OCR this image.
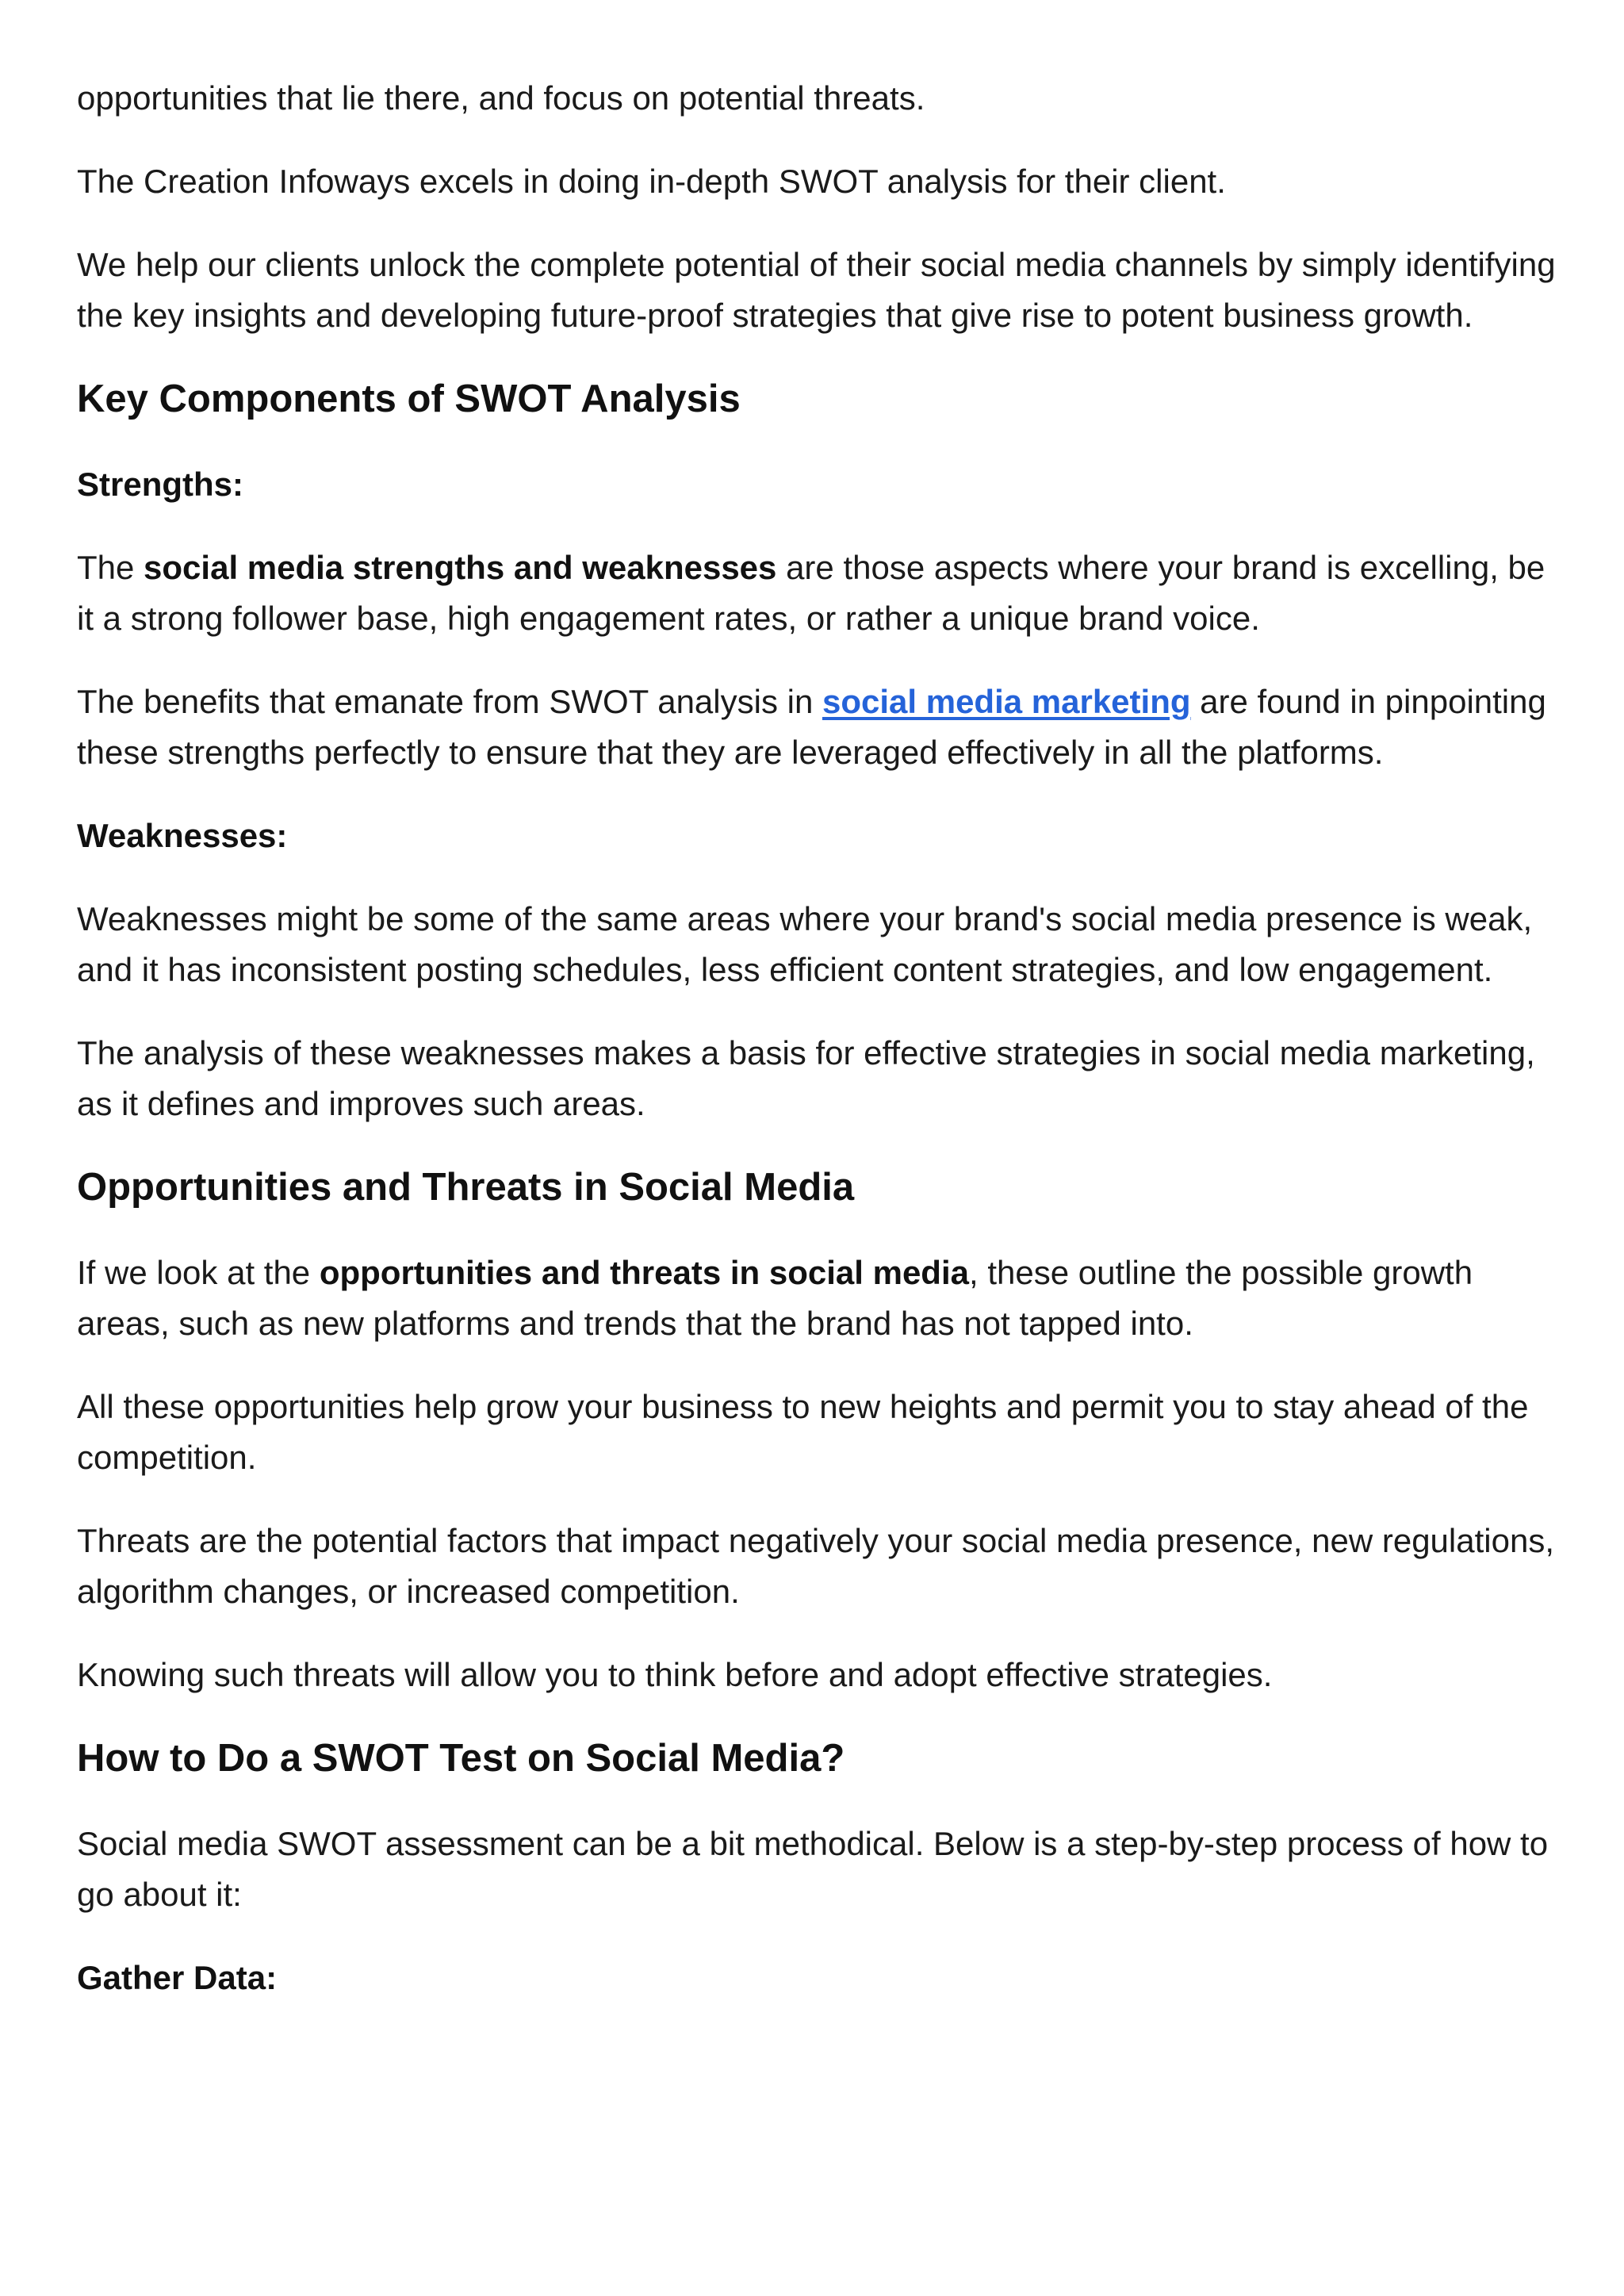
opportunities that lie there, and focus on potential threats.

The Creation Infoways excels in doing in-depth SWOT analysis for their client.

We help our clients unlock the complete potential of their social media channels by simply identifying the key insights and developing future-proof strategies that give rise to potent business growth.

Key Components of SWOT Analysis

Strengths:

The social media strengths and weaknesses are those aspects where your brand is excelling, be it a strong follower base, high engagement rates, or rather a unique brand voice.

The benefits that emanate from SWOT analysis in social media marketing are found in pinpointing these strengths perfectly to ensure that they are leveraged effectively in all the platforms.

Weaknesses:

Weaknesses might be some of the same areas where your brand's social media presence is weak, and it has inconsistent posting schedules, less efficient content strategies, and low engagement.

The analysis of these weaknesses makes a basis for effective strategies in social media marketing, as it defines and improves such areas.

Opportunities and Threats in Social Media

If we look at the opportunities and threats in social media, these outline the possible growth areas, such as new platforms and trends that the brand has not tapped into.

All these opportunities help grow your business to new heights and permit you to stay ahead of the competition.

Threats are the potential factors that impact negatively your social media presence, new regulations, algorithm changes, or increased competition.

Knowing such threats will allow you to think before and adopt effective strategies.

How to Do a SWOT Test on Social Media?

Social media SWOT assessment can be a bit methodical. Below is a step-by-step process of how to go about it:

Gather Data:
